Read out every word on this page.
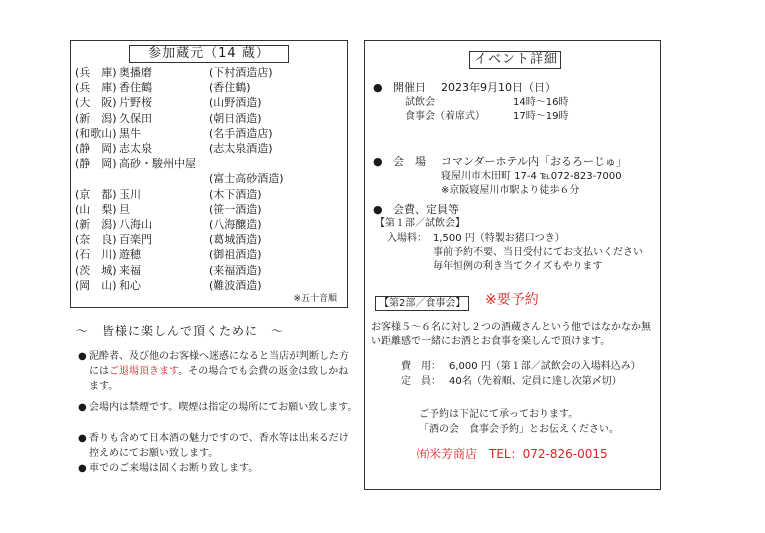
参加蔵元（14 蔵）
(兵　庫) 奥播磨	(下村酒造店)
(兵　庫) 香住鶴	(香住鶴)
(大　阪) 片野桜	(山野酒造)
(新　潟) 久保田	(朝日酒造)
(和歌山) 黒牛	(名手酒造店)
(静　岡) 志太泉	(志太泉酒造)
(静　岡) 高砂・駿州中屋
(富士高砂酒造)
(京　都) 玉川	(木下酒造)
(山　梨) 旦	(笹一酒造)
(新　潟) 八海山	(八海醸造)
(奈　良) 百楽門	(葛城酒造)
(石　川) 遊穂	(御祖酒造)
(茨　城) 来福	(来福酒造)
(岡　山) 和心	(難波酒造)
※五十音順
～　皆様に楽しんで頂くために　～
● 泥酔者、及び他のお客様へ迷惑になると当店が判断した方にはご退場頂きます。その場合でも会費の返金は致しかねます。
● 会場内は禁煙です。喫煙は指定の場所にてお願い致します。
● 香りも含めて日本酒の魅力ですので、香水等は出来るだけ控えめにてお願い致します。
● 車でのご来場は固くお断り致します。
イベント詳細
● 開催日 2023年9月10日（日）
試飲会	14時～16時
食事会（着席式）	17時～19時
● 会　場 コマンダーホテル内「おるろーじゅ」
寝屋川市木田町 17-4 ℡072-823-7000
※京阪寝屋川市駅より徒歩６分
● 会費、定員等
【第１部／試飲会】
入場料： 1,500 円（特製お猪口つき）
事前予約不要、当日受付にてお支払いください
毎年恒例の利き当てクイズもやります
【第2部／食事会】 ※要予約
お客様５～６名に対し２つの酒蔵さんという他ではなかなか無
い距離感で一緒にお酒とお食事を楽しんで頂けます。
費　用： 6,000 円（第１部／試飲会の入場料込み）
定　員： 40名（先着順、定員に達し次第〆切）
ご予約は下記にて承っております。
「酒の会　食事会予約」とお伝えください。
㈲米芳商店　TEL：072-826-0015
